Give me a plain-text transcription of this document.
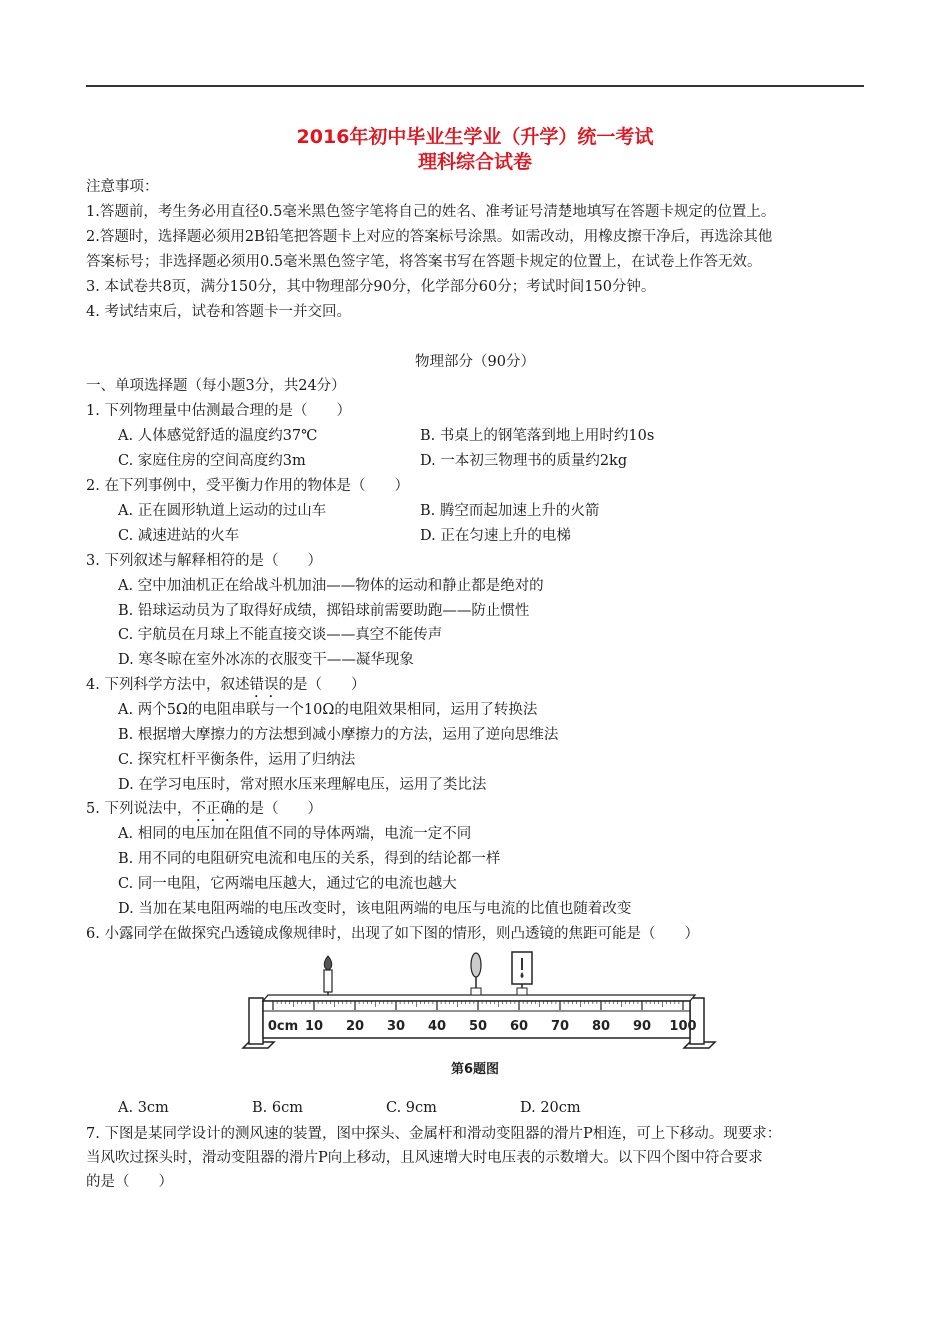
2016年初中毕业生学业（升学）统一考试
理科综合试卷
注意事项：
1.答题前，考生务必用直径0.5毫米黑色签字笔将自己的姓名、准考证号清楚地填写在答题卡规定的位置上。
2.答题时，选择题必须用2B铅笔把答题卡上对应的答案标号涂黑。如需改动，用橡皮擦干净后，再选涂其他
答案标号；非选择题必须用0.5毫米黑色签字笔，将答案书写在答题卡规定的位置上，在试卷上作答无效。
3. 本试卷共8页，满分150分，其中物理部分90分，化学部分60分；考试时间150分钟。
4. 考试结束后，试卷和答题卡一并交回。
物理部分（90分）
一、单项选择题（每小题3分，共24分）
1. 下列物理量中估测最合理的是（　　）
A. 人体感觉舒适的温度约37℃	B. 书桌上的钢笔落到地上用时约10s
C. 家庭住房的空间高度约3m	D. 一本初三物理书的质量约2kg
2. 在下列事例中，受平衡力作用的物体是（　　）
A. 正在圆形轨道上运动的过山车	B. 腾空而起加速上升的火箭
C. 减速进站的火车	D. 正在匀速上升的电梯
3. 下列叙述与解释相符的是（　　）
A. 空中加油机正在给战斗机加油——物体的运动和静止都是绝对的
B. 铅球运动员为了取得好成绩，掷铅球前需要助跑——防止惯性
C. 宇航员在月球上不能直接交谈——真空不能传声
D. 寒冬晾在室外冰冻的衣服变干——凝华现象
4. 下列科学方法中，叙述错误的是（　　）
A. 两个5Ω的电阻串联与一个10Ω的电阻效果相同，运用了转换法
B. 根据增大摩擦力的方法想到减小摩擦力的方法，运用了逆向思维法
C. 探究杠杆平衡条件，运用了归纳法
D. 在学习电压时，常对照水压来理解电压，运用了类比法
5. 下列说法中，不正确的是（　　）
A. 相同的电压加在阻值不同的导体两端，电流一定不同
B. 用不同的电阻研究电流和电压的关系，得到的结论都一样
C. 同一电阻，它两端电压越大，通过它的电流也越大
D. 当加在某电阻两端的电压改变时，该电阻两端的电压与电流的比值也随着改变
6. 小露同学在做探究凸透镜成像规律时，出现了如下图的情形，则凸透镜的焦距可能是（　　）
0cm 10 20 30 40 50 60 70 80 90 100
第6题图
A. 3cm	B. 6cm	C. 9cm	D. 20cm
7. 下图是某同学设计的测风速的装置，图中探头、金属杆和滑动变阻器的滑片P相连，可上下移动。现要求：
当风吹过探头时，滑动变阻器的滑片P向上移动，且风速增大时电压表的示数增大。以下四个图中符合要求
的是（　　）
